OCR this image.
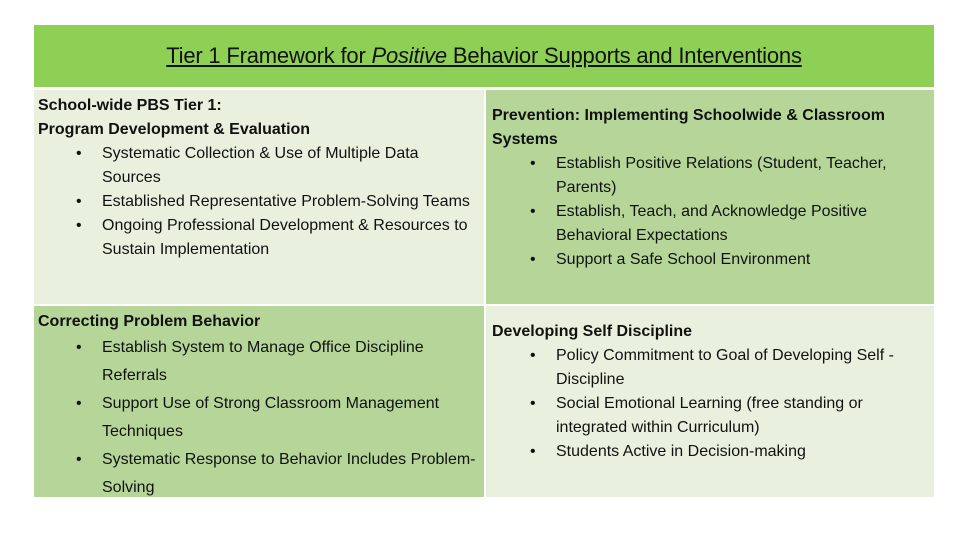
Tier 1 Framework for Positive Behavior Supports and Interventions
School-wide PBS Tier 1:
Program Development & Evaluation
• Systematic Collection & Use of Multiple Data Sources
• Established Representative Problem-Solving Teams
• Ongoing Professional Development & Resources to Sustain Implementation
Prevention: Implementing Schoolwide & Classroom Systems
• Establish Positive Relations (Student, Teacher, Parents)
• Establish, Teach, and Acknowledge Positive Behavioral Expectations
• Support a Safe School Environment
Correcting Problem Behavior
• Establish System to Manage Office Discipline Referrals
• Support Use of Strong Classroom Management Techniques
• Systematic Response to Behavior Includes Problem-Solving
Developing Self Discipline
• Policy Commitment to Goal of Developing Self -Discipline
• Social Emotional Learning (free standing or integrated within Curriculum)
• Students Active in Decision-making
